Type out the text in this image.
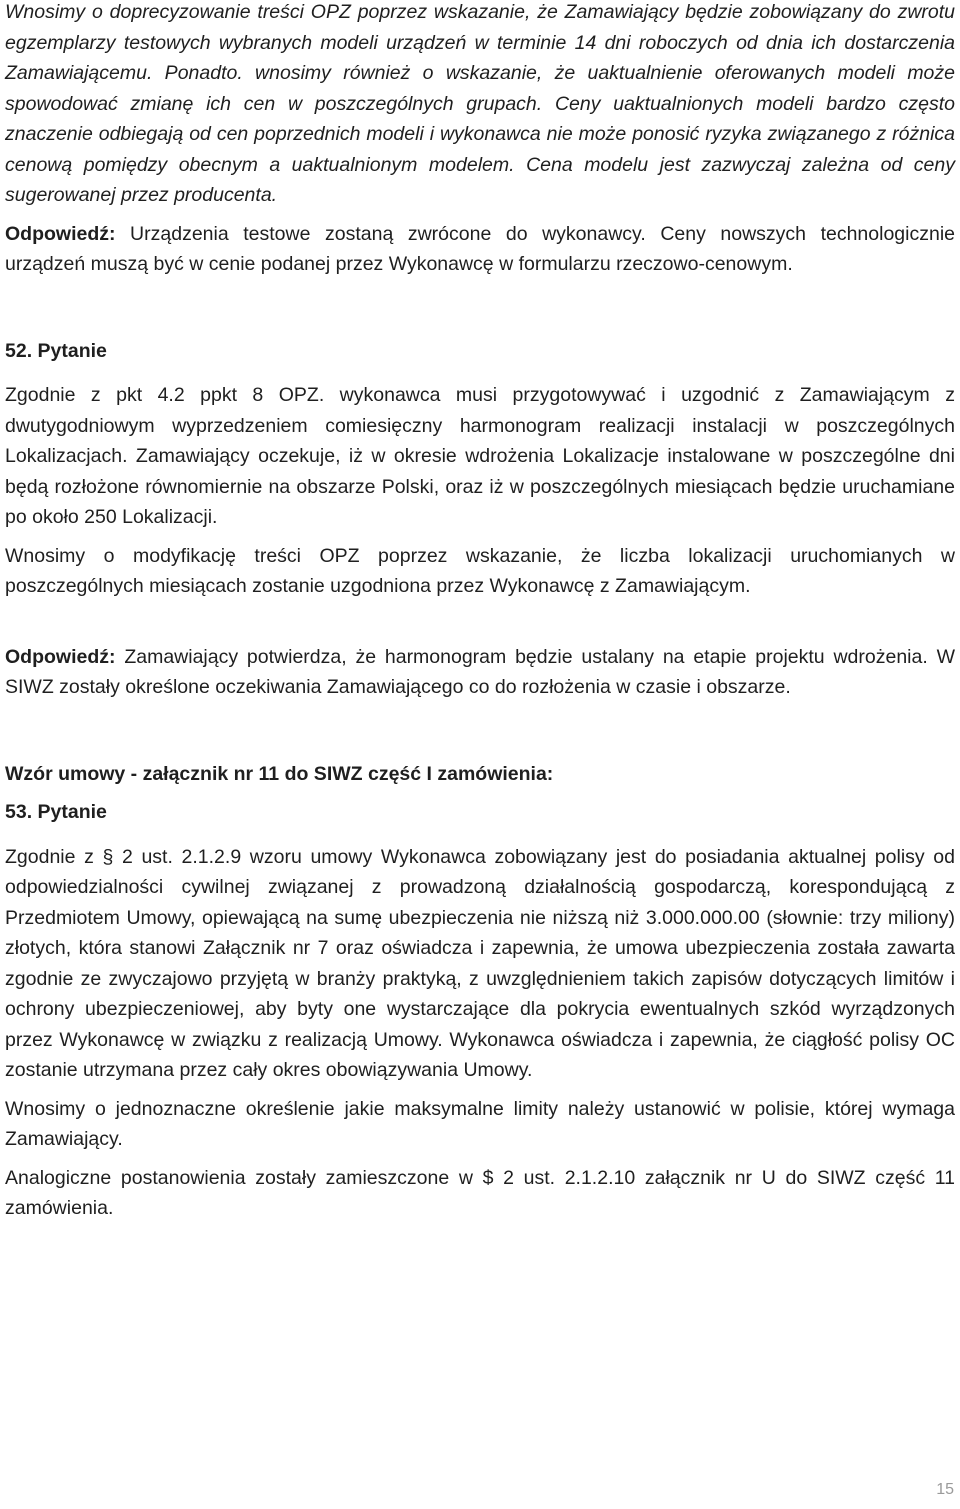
Wnosimy o doprecyzowanie treści OPZ poprzez wskazanie, że Zamawiający będzie zobowiązany do zwrotu egzemplarzy testowych wybranych modeli urządzeń w terminie 14 dni roboczych od dnia ich dostarczenia Zamawiającemu. Ponadto. wnosimy również o wskazanie, że uaktualnienie oferowanych modeli może spowodować zmianę ich cen w poszczególnych grupach. Ceny uaktualnionych modeli bardzo często znaczenie odbiegają od cen poprzednich modeli i wykonawca nie może ponosić ryzyka związanego z różnica cenową pomiędzy obecnym a uaktualnionym modelem. Cena modelu jest zazwyczaj zależna od ceny sugerowanej przez producenta.

Odpowiedź: Urządzenia testowe zostaną zwrócone do wykonawcy. Ceny nowszych technologicznie urządzeń muszą być w cenie podanej przez Wykonawcę w formularzu rzeczowo-cenowym.

52. Pytanie

Zgodnie z pkt 4.2 ppkt 8 OPZ. wykonawca musi przygotowywać i uzgodnić z Zamawiającym z dwutygodniowym wyprzedzeniem comiesięczny harmonogram realizacji instalacji w poszczególnych Lokalizacjach. Zamawiający oczekuje, iż w okresie wdrożenia Lokalizacje instalowane w poszczególne dni będą rozłożone równomiernie na obszarze Polski, oraz iż w poszczególnych miesiącach będzie uruchamiane po około 250 Lokalizacji.

Wnosimy o modyfikację treści OPZ poprzez wskazanie, że liczba lokalizacji uruchomianych w poszczególnych miesiącach zostanie uzgodniona przez Wykonawcę z Zamawiającym.

Odpowiedź: Zamawiający potwierdza, że harmonogram będzie ustalany na etapie projektu wdrożenia. W SIWZ zostały określone oczekiwania Zamawiającego co do rozłożenia w czasie i obszarze.

Wzór umowy - załącznik nr 11 do SIWZ część I zamówienia:

53. Pytanie

Zgodnie z § 2 ust. 2.1.2.9 wzoru umowy Wykonawca zobowiązany jest do posiadania aktualnej polisy od odpowiedzialności cywilnej związanej z prowadzoną działalnością gospodarczą, korespondującą z Przedmiotem Umowy, opiewającą na sumę ubezpieczenia nie niższą niż 3.000.000.00 (słownie: trzy miliony) złotych, która stanowi Załącznik nr 7 oraz oświadcza i zapewnia, że umowa ubezpieczenia została zawarta zgodnie ze zwyczajowo przyjętą w branży praktyką, z uwzględnieniem takich zapisów dotyczących limitów i ochrony ubezpieczeniowej, aby byty one wystarczające dla pokrycia ewentualnych szkód wyrządzonych przez Wykonawcę w związku z realizacją Umowy. Wykonawca oświadcza i zapewnia, że ciągłość polisy OC zostanie utrzymana przez cały okres obowiązywania Umowy.

Wnosimy o jednoznaczne określenie jakie maksymalne limity należy ustanowić w polisie, której wymaga Zamawiający.

Analogiczne postanowienia zostały zamieszczone w $ 2 ust. 2.1.2.10 załącznik nr U do SIWZ część 11 zamówienia.

15
